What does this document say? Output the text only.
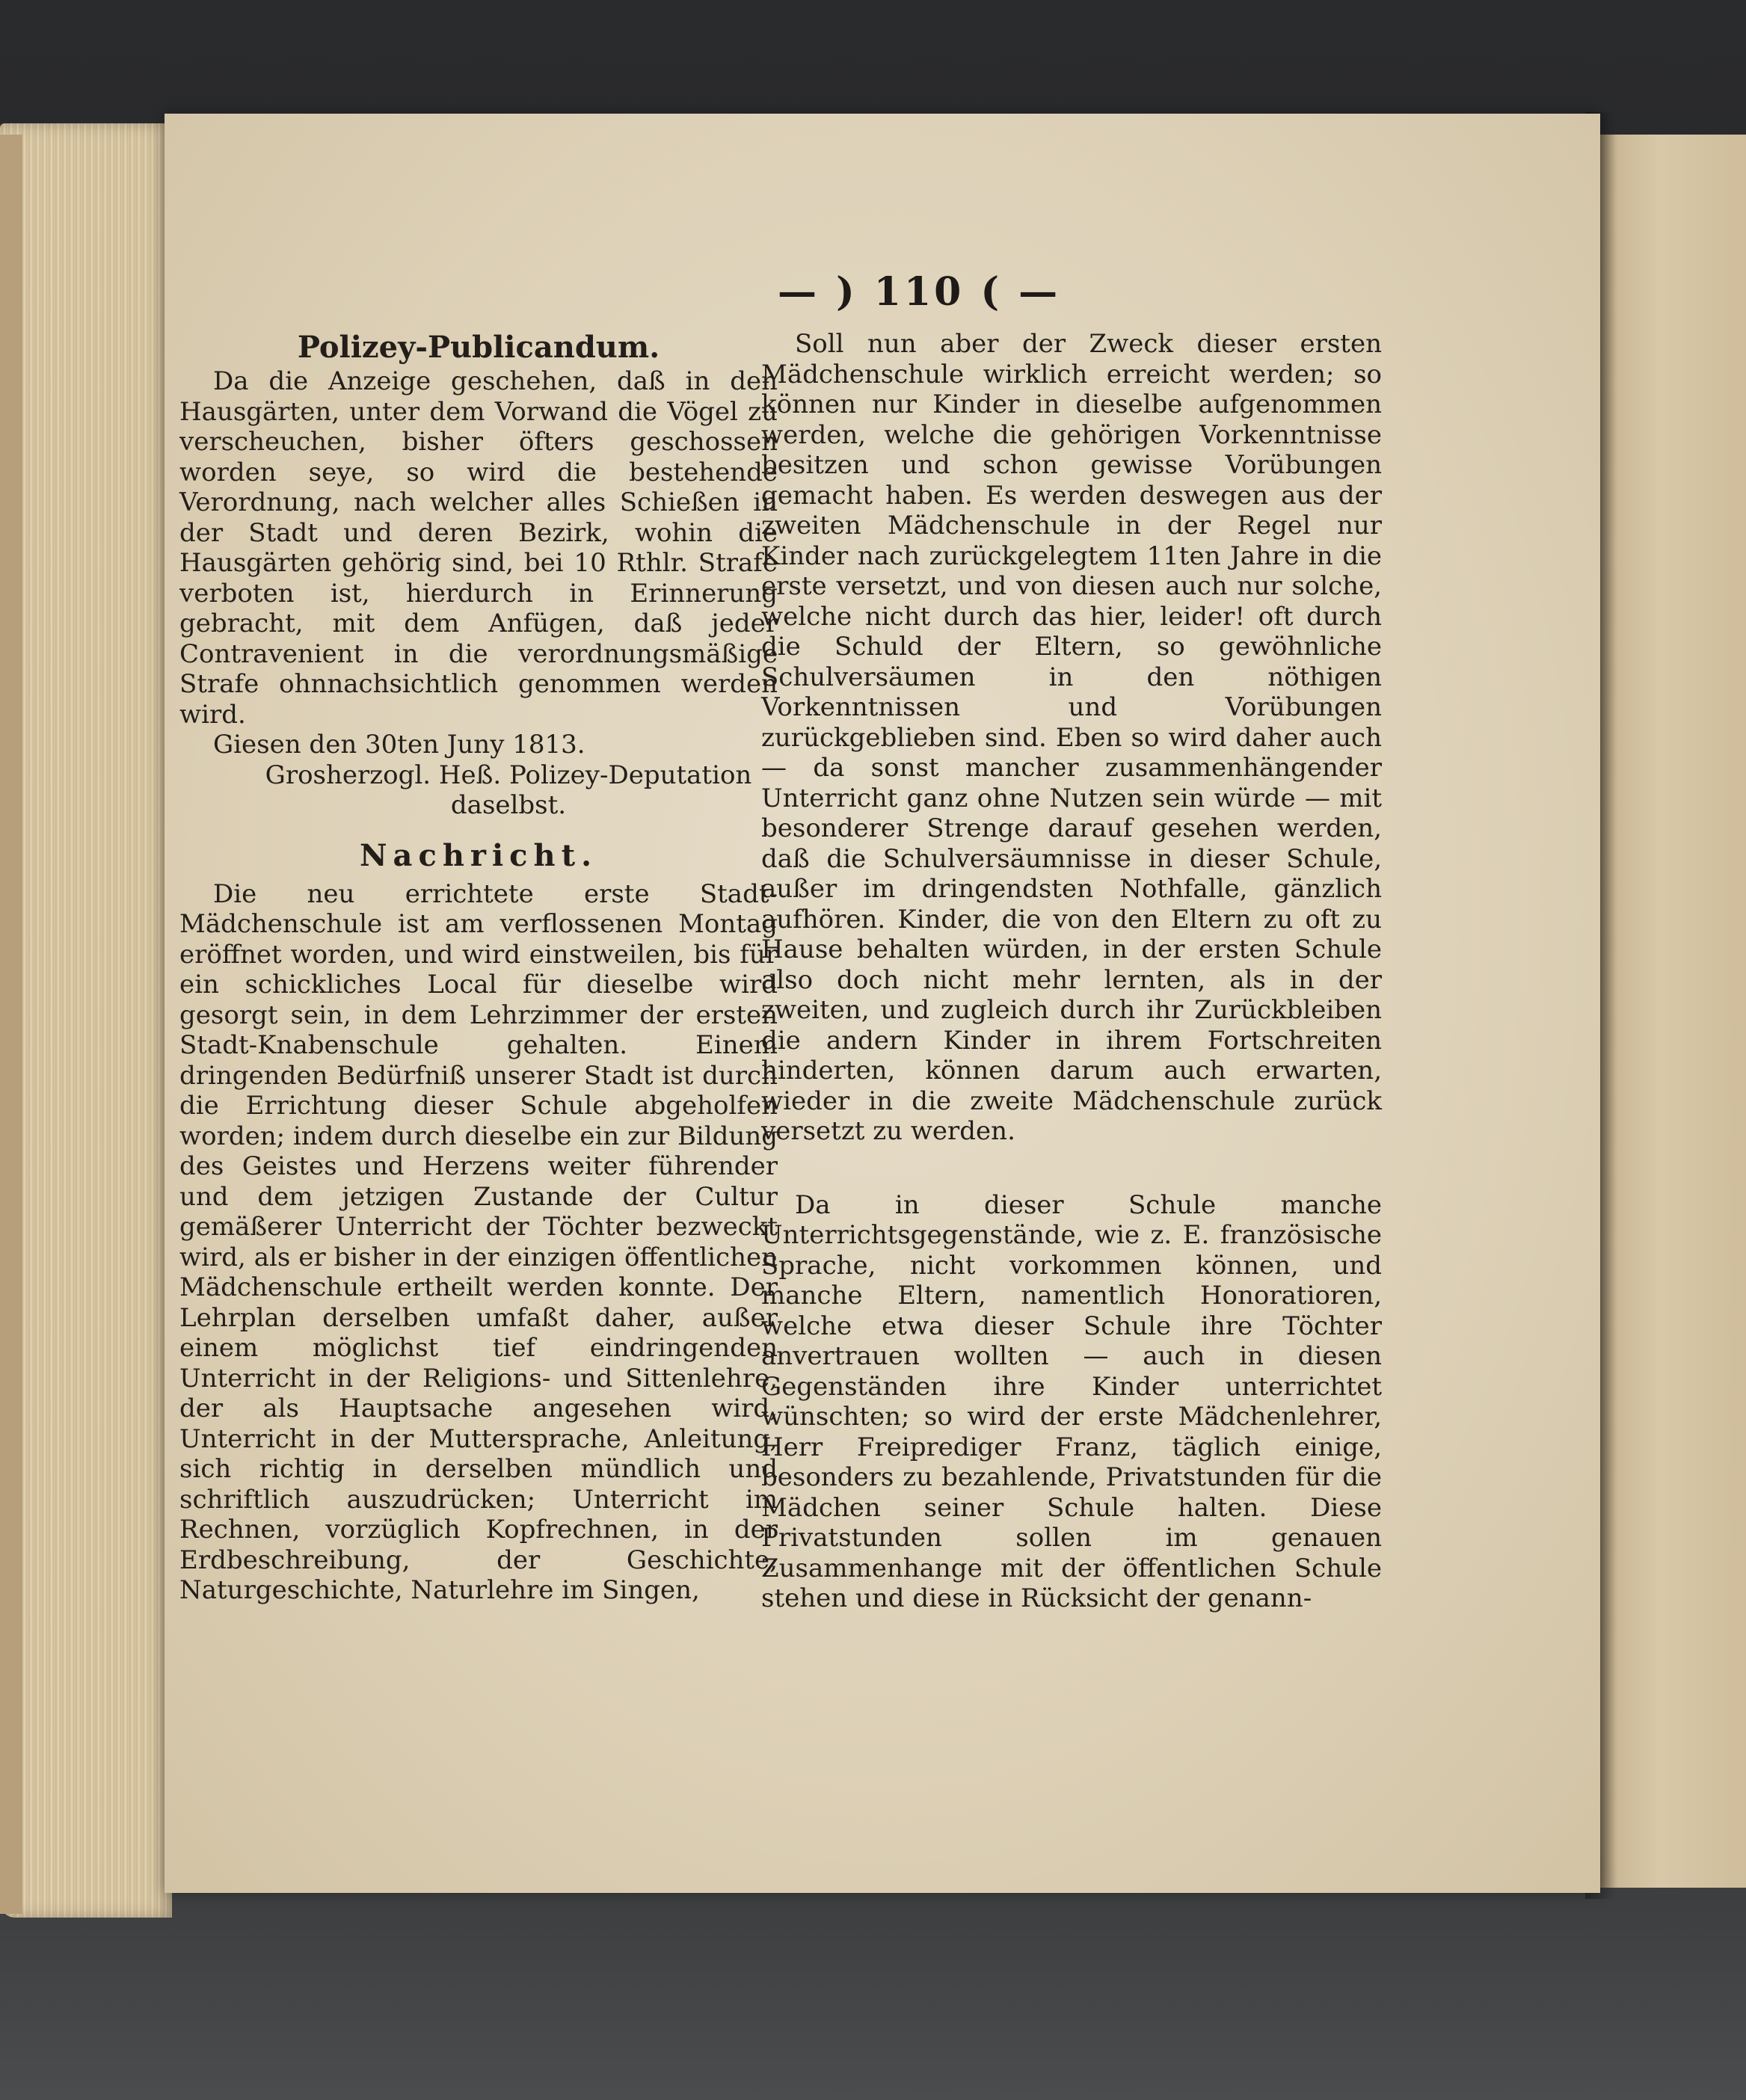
— ) 110 ( —
Polizey-Publicandum.

Da die Anzeige geschehen, daß in den Hausgärten, unter dem Vorwand die Vögel zu verscheuchen, bisher öfters geschossen worden seye, so wird die bestehende Verordnung, nach welcher alles Schießen in der Stadt und deren Bezirk, wohin die Hausgärten gehörig sind, bei 10 Rthlr. Strafe verboten ist, hierdurch in Erinnerung gebracht, mit dem Anfügen, daß jeder Contravenient in die verordnungsmäßige Strafe ohnnachsichtlich genommen werden wird.

Giesen den 30ten Juny 1813.

Grosherzogl. Heß. Polizey-Deputation daselbst.

Nachricht.

Die neu errichtete erste Stadt-Mädchenschule ist am verflossenen Montag eröffnet worden, und wird einstweilen, bis für ein schickliches Local für dieselbe wird gesorgt sein, in dem Lehrzimmer der ersten Stadt-Knabenschule gehalten. Einem dringenden Bedürfniß unserer Stadt ist durch die Errichtung dieser Schule abgeholfen worden; indem durch dieselbe ein zur Bildung des Geistes und Herzens weiter führender und dem jetzigen Zustande der Cultur gemäßerer Unterricht der Töchter bezweckt wird, als er bisher in der einzigen öffentlichen Mädchenschule ertheilt werden konnte. Der Lehrplan derselben umfaßt daher, außer einem möglichst tief eindringenden Unterricht in der Religions- und Sittenlehre, der als Hauptsache angesehen wird, Unterricht in der Muttersprache, Anleitung, sich richtig in derselben mündlich und schriftlich auszudrücken; Unterricht im Rechnen, vorzüglich Kopfrechnen, in der Erdbeschreibung, der Geschichte, Naturgeschichte, Naturlehre im Singen,

Soll nun aber der Zweck dieser ersten Mädchenschule wirklich erreicht werden; so können nur Kinder in dieselbe aufgenommen werden, welche die gehörigen Vorkenntnisse besitzen und schon gewisse Vorübungen gemacht haben. Es werden deswegen aus der zweiten Mädchenschule in der Regel nur Kinder nach zurückgelegtem 11ten Jahre in die erste versetzt, und von diesen auch nur solche, welche nicht durch das hier, leider! oft durch die Schuld der Eltern, so gewöhnliche Schulversäumen in den nöthigen Vorkenntnissen und Vorübungen zurückgeblieben sind. Eben so wird daher auch — da sonst mancher zusammenhängender Unterricht ganz ohne Nutzen sein würde — mit besonderer Strenge darauf gesehen werden, daß die Schulversäumnisse in dieser Schule, außer im dringendsten Nothfalle, gänzlich aufhören. Kinder, die von den Eltern zu oft zu Hause behalten würden, in der ersten Schule also doch nicht mehr lernten, als in der zweiten, und zugleich durch ihr Zurückbleiben die andern Kinder in ihrem Fortschreiten hinderten, können darum auch erwarten, wieder in die zweite Mädchenschule zurück versetzt zu werden.

Da in dieser Schule manche Unterrichtsgegenstände, wie z. E. französische Sprache, nicht vorkommen können, und manche Eltern, namentlich Honoratioren, welche etwa dieser Schule ihre Töchter anvertrauen wollten — auch in diesen Gegenständen ihre Kinder unterrichtet wünschten; so wird der erste Mädchenlehrer, Herr Freiprediger Franz, täglich einige, besonders zu bezahlende, Privatstunden für die Mädchen seiner Schule halten. Diese Privatstunden sollen im genauen Zusammenhange mit der öffentlichen Schule stehen und diese in Rücksicht der genann-
